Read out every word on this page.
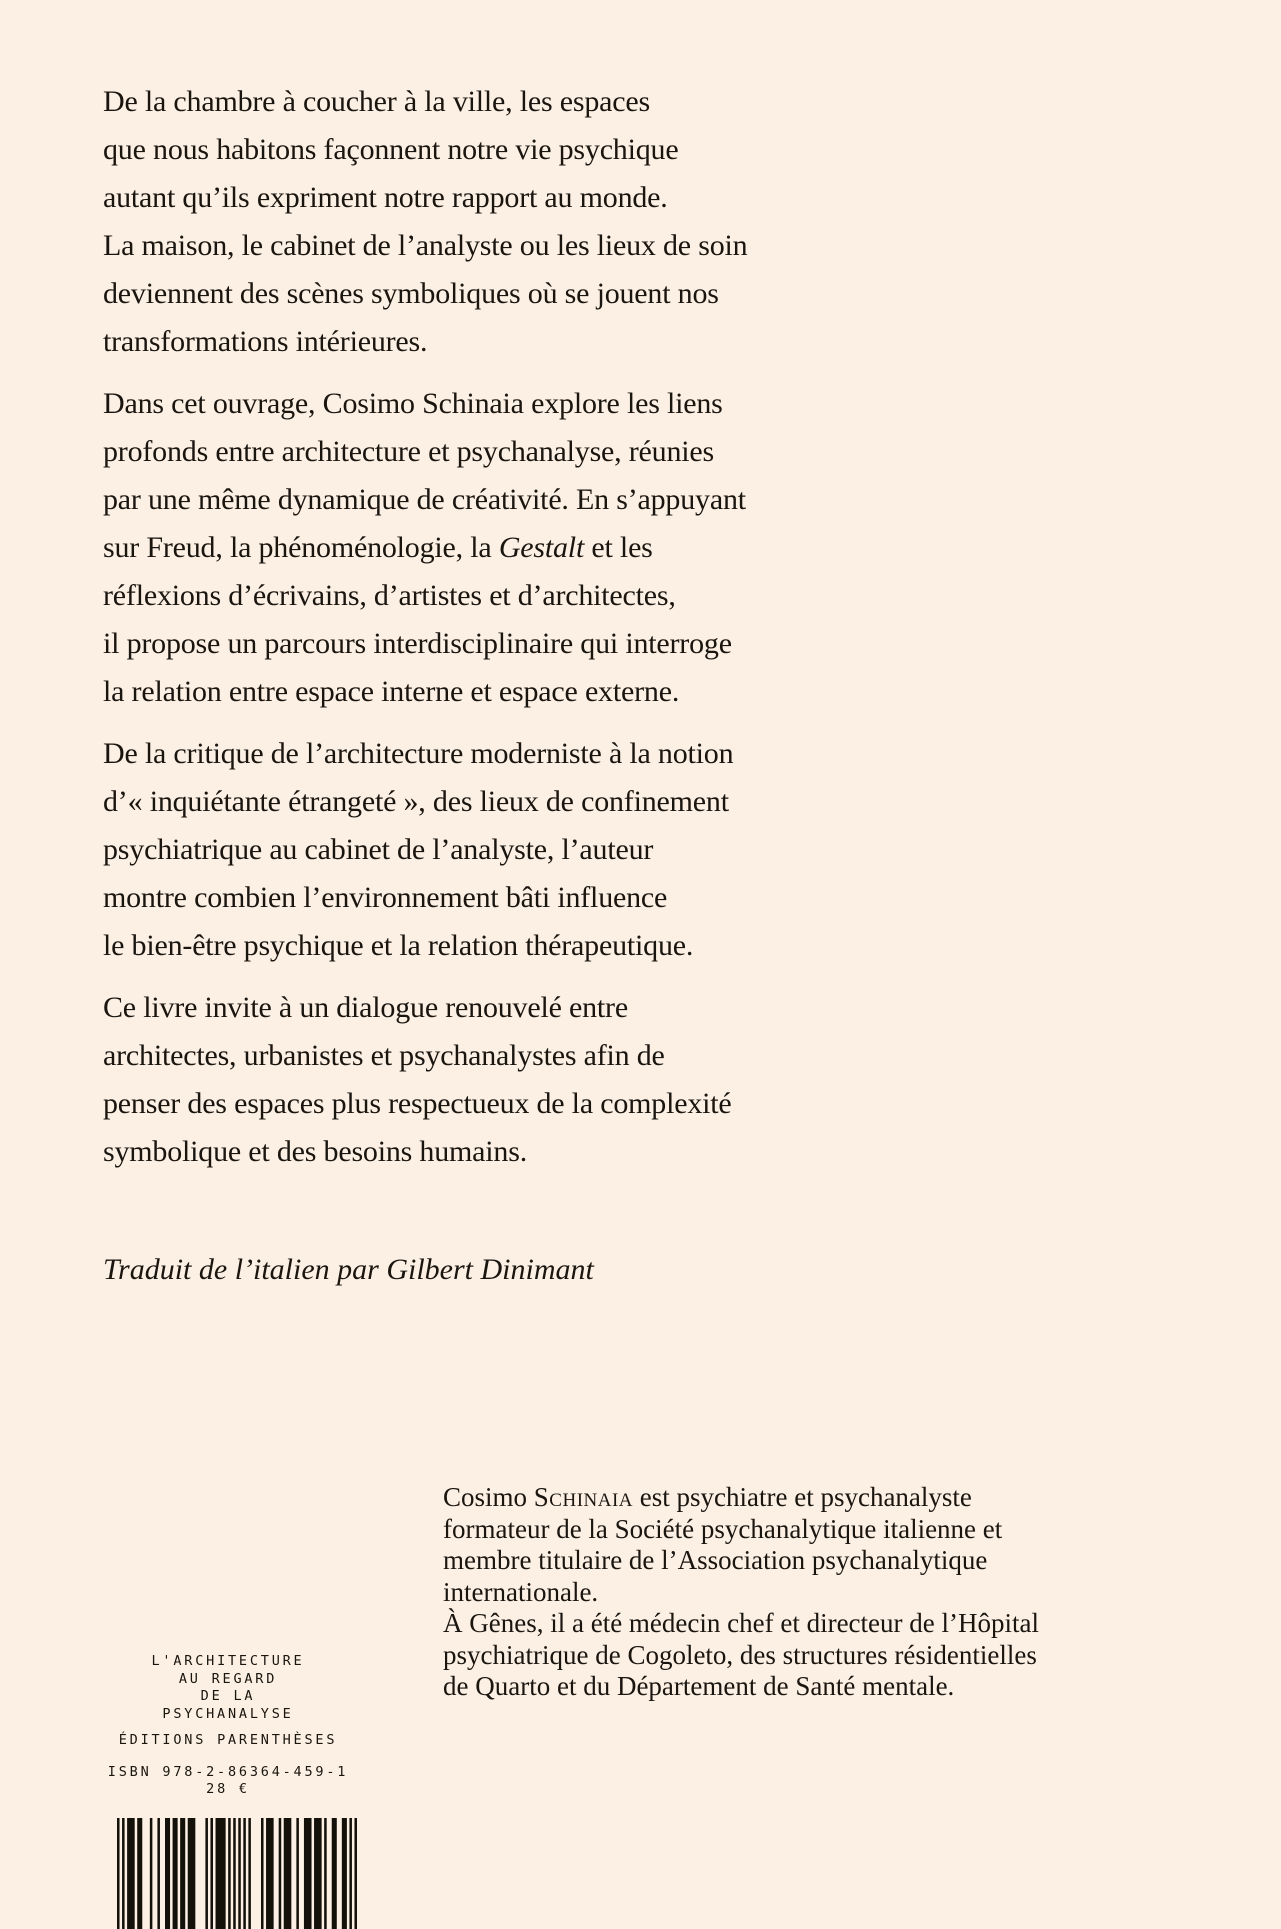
De la chambre à coucher à la ville, les espaces
que nous habitons façonnent notre vie psychique
autant qu’ils expriment notre rapport au monde.
La maison, le cabinet de l’analyste ou les lieux de soin
deviennent des scènes symboliques où se jouent nos
transformations intérieures.

Dans cet ouvrage, Cosimo Schinaia explore les liens
profonds entre architecture et psychanalyse, réunies
par une même dynamique de créativité. En s’appuyant
sur Freud, la phénoménologie, la Gestalt et les
réflexions d’écrivains, d’artistes et d’architectes,
il propose un parcours interdisciplinaire qui interroge
la relation entre espace interne et espace externe.

De la critique de l’architecture moderniste à la notion
d’« inquiétante étrangeté », des lieux de confinement
psychiatrique au cabinet de l’analyste, l’auteur
montre combien l’environnement bâti influence
le bien-être psychique et la relation thérapeutique.

Ce livre invite à un dialogue renouvelé entre
architectes, urbanistes et psychanalystes afin de
penser des espaces plus respectueux de la complexité
symbolique et des besoins humains.

Traduit de l’italien par Gilbert Dinimant

Cosimo Schinaia est psychiatre et psychanalyste
formateur de la Société psychanalytique italienne et
membre titulaire de l’Association psychanalytique
internationale.
À Gênes, il a été médecin chef et directeur de l’Hôpital
psychiatrique de Cogoleto, des structures résidentielles
de Quarto et du Département de Santé mentale.
L'ARCHITECTURE
AU REGARD
DE LA
PSYCHANALYSE
ÉDITIONS PARENTHÈSES
ISBN 978-2-86364-459-1
28 €
